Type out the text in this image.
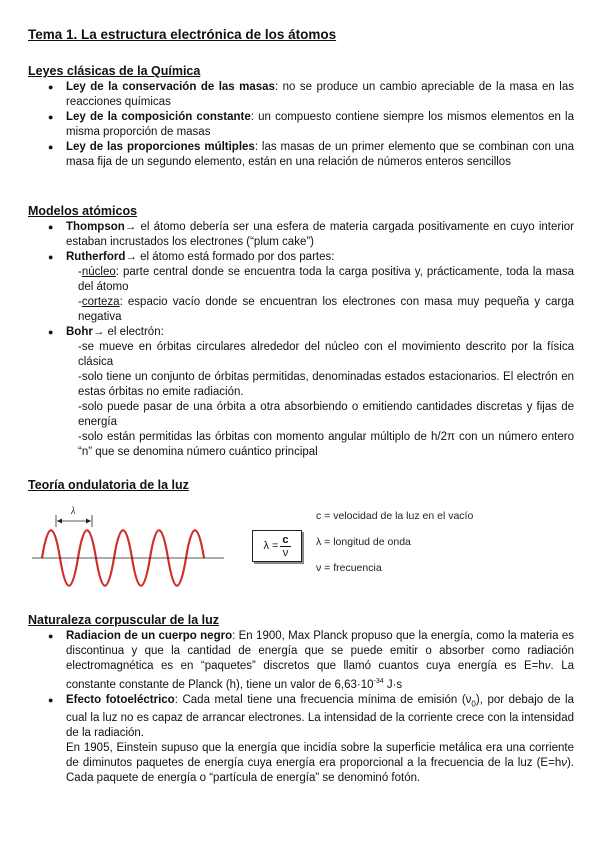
Tema 1. La estructura electrónica de los átomos
Leyes clásicas de la Química
● Ley de la conservación de las masas: no se produce un cambio apreciable de la masa en las reacciones químicas
● Ley de la composición constante: un compuesto contiene siempre los mismos elementos en la misma proporción de masas
● Ley de las proporciones múltiples: las masas de un primer elemento que se combinan con una masa fija de un segundo elemento, están en una relación de números enteros sencillos
Modelos atómicos
● Thompson→ el átomo debería ser una esfera de materia cargada positivamente en cuyo interior estaban incrustados los electrones (“plum cake”)
● Rutherford→ el átomo está formado por dos partes:
-núcleo: parte central donde se encuentra toda la carga positiva y, prácticamente, toda la masa del átomo
-corteza: espacio vacío donde se encuentran los electrones con masa muy pequeña y carga negativa
● Bohr→ el electrón:
-se mueve en órbitas circulares alrededor del núcleo con el movimiento descrito por la física clásica
-solo tiene un conjunto de órbitas permitidas, denominadas estados estacionarios. El electrón en estas órbitas no emite radiación.
-solo puede pasar de una órbita a otra absorbiendo o emitiendo cantidades discretas y fijas de energía
-solo están permitidas las órbitas con momento angular múltiplo de h/2π con un número entero “n” que se denomina número cuántico principal
Teoría ondulatoria de la luz
λ
$\lambda = \frac{c}{\nu}$
c = velocidad de la luz en el vacío
λ = longitud de onda
ν = frecuencia
Naturaleza corpuscular de la luz
● Radiacion de un cuerpo negro: En 1900, Max Planck propuso que la energía, como la materia es discontinua y que la cantidad de energía que se puede emitir o absorber como radiación electromagnética es en “paquetes” discretos que llamó cuantos cuya energía es E=hν. La constante constante de Planck (h), tiene un valor de $6,63\cdot 10^{-34}$ J·s
● Efecto fotoeléctrico: Cada metal tiene una frecuencia mínima de emisión $(\nu_0)$, por debajo de la cual la luz no es capaz de arrancar electrones. La intensidad de la corriente crece con la intensidad de la radiación.
En 1905, Einstein supuso que la energía que incidía sobre la superficie metálica era una corriente de diminutos paquetes de energía cuya energía era proporcional a la frecuencia de la luz (E=hν). Cada paquete de energía o “partícula de energía” se denominó fotón.
